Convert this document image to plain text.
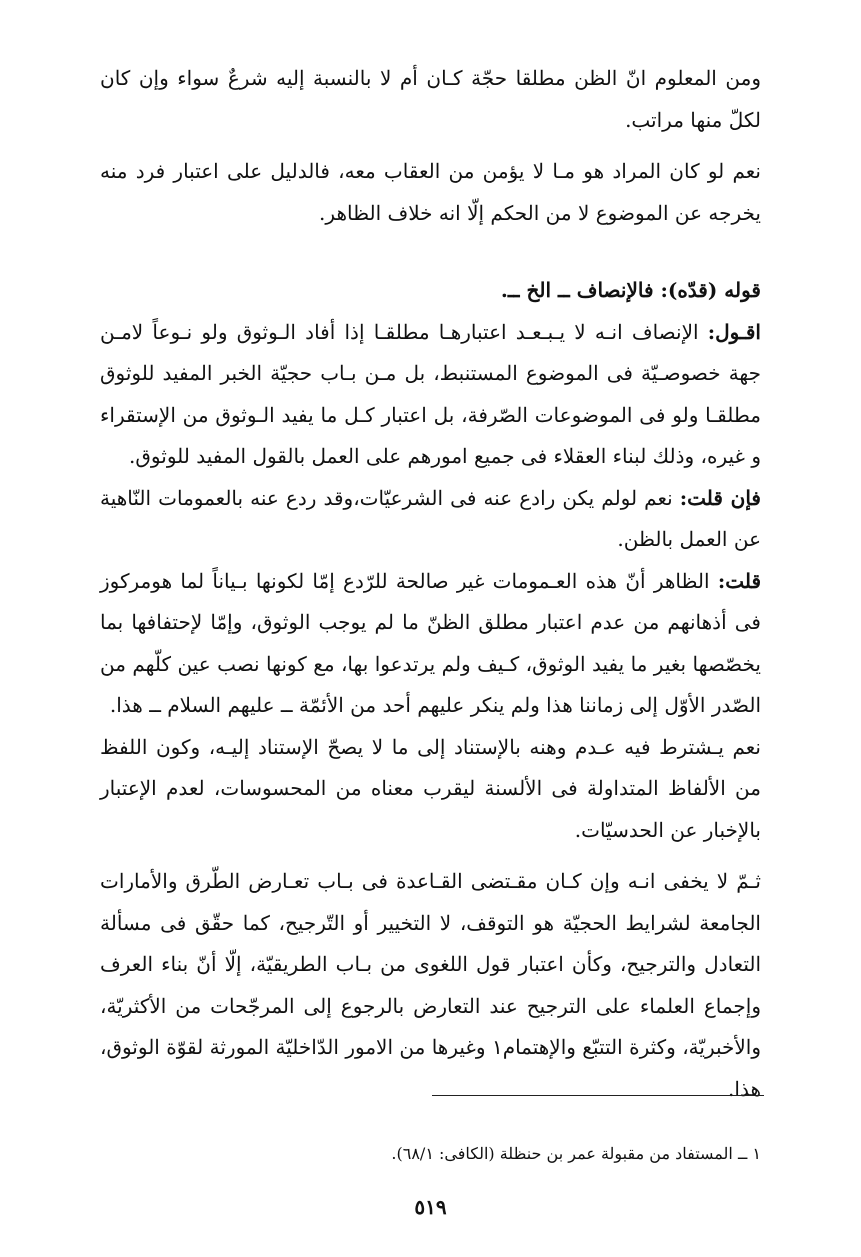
ومن المعلوم انّ الظن مطلقا حجّة كـان أم لا بالنسبة إليه شرعٌ سواء وإن كان لكلّ منها مراتب.

نعم لو كان المراد هو مـا لا يؤمن من العقاب معه، فالدليل على اعتبار فرد منه يخرجه عن الموضوع لا من الحكم إلّا انه خلاف الظاهر.

قوله (قدّه): فالإنصاف ــ الخ ــ.

اقـول: الإنصاف انـه لا يـبـعـد اعتبارهـا مطلقـا إذا أفاد الـوثوق ولو نـوعاً لامـن جهة خصوصـيّة فى الموضوع المستنبط، بل مـن بـاب حجيّة الخبر المفيد للوثوق مطلقـا ولو فى الموضوعات الصّرفة، بل اعتبار كـل ما يفيد الـوثوق من الإستقراء و غيره، وذلك لبناء العقلاء فى جميع امورهم على العمل بالقول المفيد للوثوق.

فإن قلت: نعم لولم يكن رادع عنه فى الشرعيّات،وقد ردع عنه بالعمومات النّاهية عن العمل بالظن.

قلت: الظاهر أنّ هذه العـمومات غير صالحة للرّدع إمّا لكونها بـياناً لما هومركوز فى أذهانهم من عدم اعتبار مطلق الظنّ ما لم يوجب الوثوق، وإمّا لإحتفافها بما يخصّصها بغير ما يفيد الوثوق، كـيف ولم يرتدعوا بها، مع كونها نصب عين كلّهم من الصّدر الأوّل إلى زماننا هذا ولم ينكر عليهم أحد من الأئمّة ــ عليهم السلام ــ هذا.

نعم يـشترط فيه عـدم وهنه بالإستناد إلى ما لا يصحّ الإستناد إليـه، وكون اللفظ من الألفاظ المتداولة فى الألسنة ليقرب معناه من المحسوسات، لعدم الإعتبار بالإخبار عن الحدسيّات.

ثـمّ لا يخفى انـه وإن كـان مقـتضى القـاعدة فى بـاب تعـارض الطّرق والأمارات الجامعة لشرايط الحجيّة هو التوقف، لا التخيير أو التّرجيح، كما حقّق فى مسألة التعادل والترجيح، وكأن اعتبار قول اللغوى من بـاب الطريقيّة، إلّا أنّ بناء العرف وإجماع العلماء على الترجيح عند التعارض بالرجوع إلى المرجّحات من الأكثريّة، والأخبريّة، وكثرة التتبّع والإهتمام١ وغيرها من الامور الدّاخليّة المورثة لقوّة الوثوق، هذا.

١ ــ المستفاد من مقبولة عمر بن حنظلة (الكافى: ٦٨/١).
٥١٩
